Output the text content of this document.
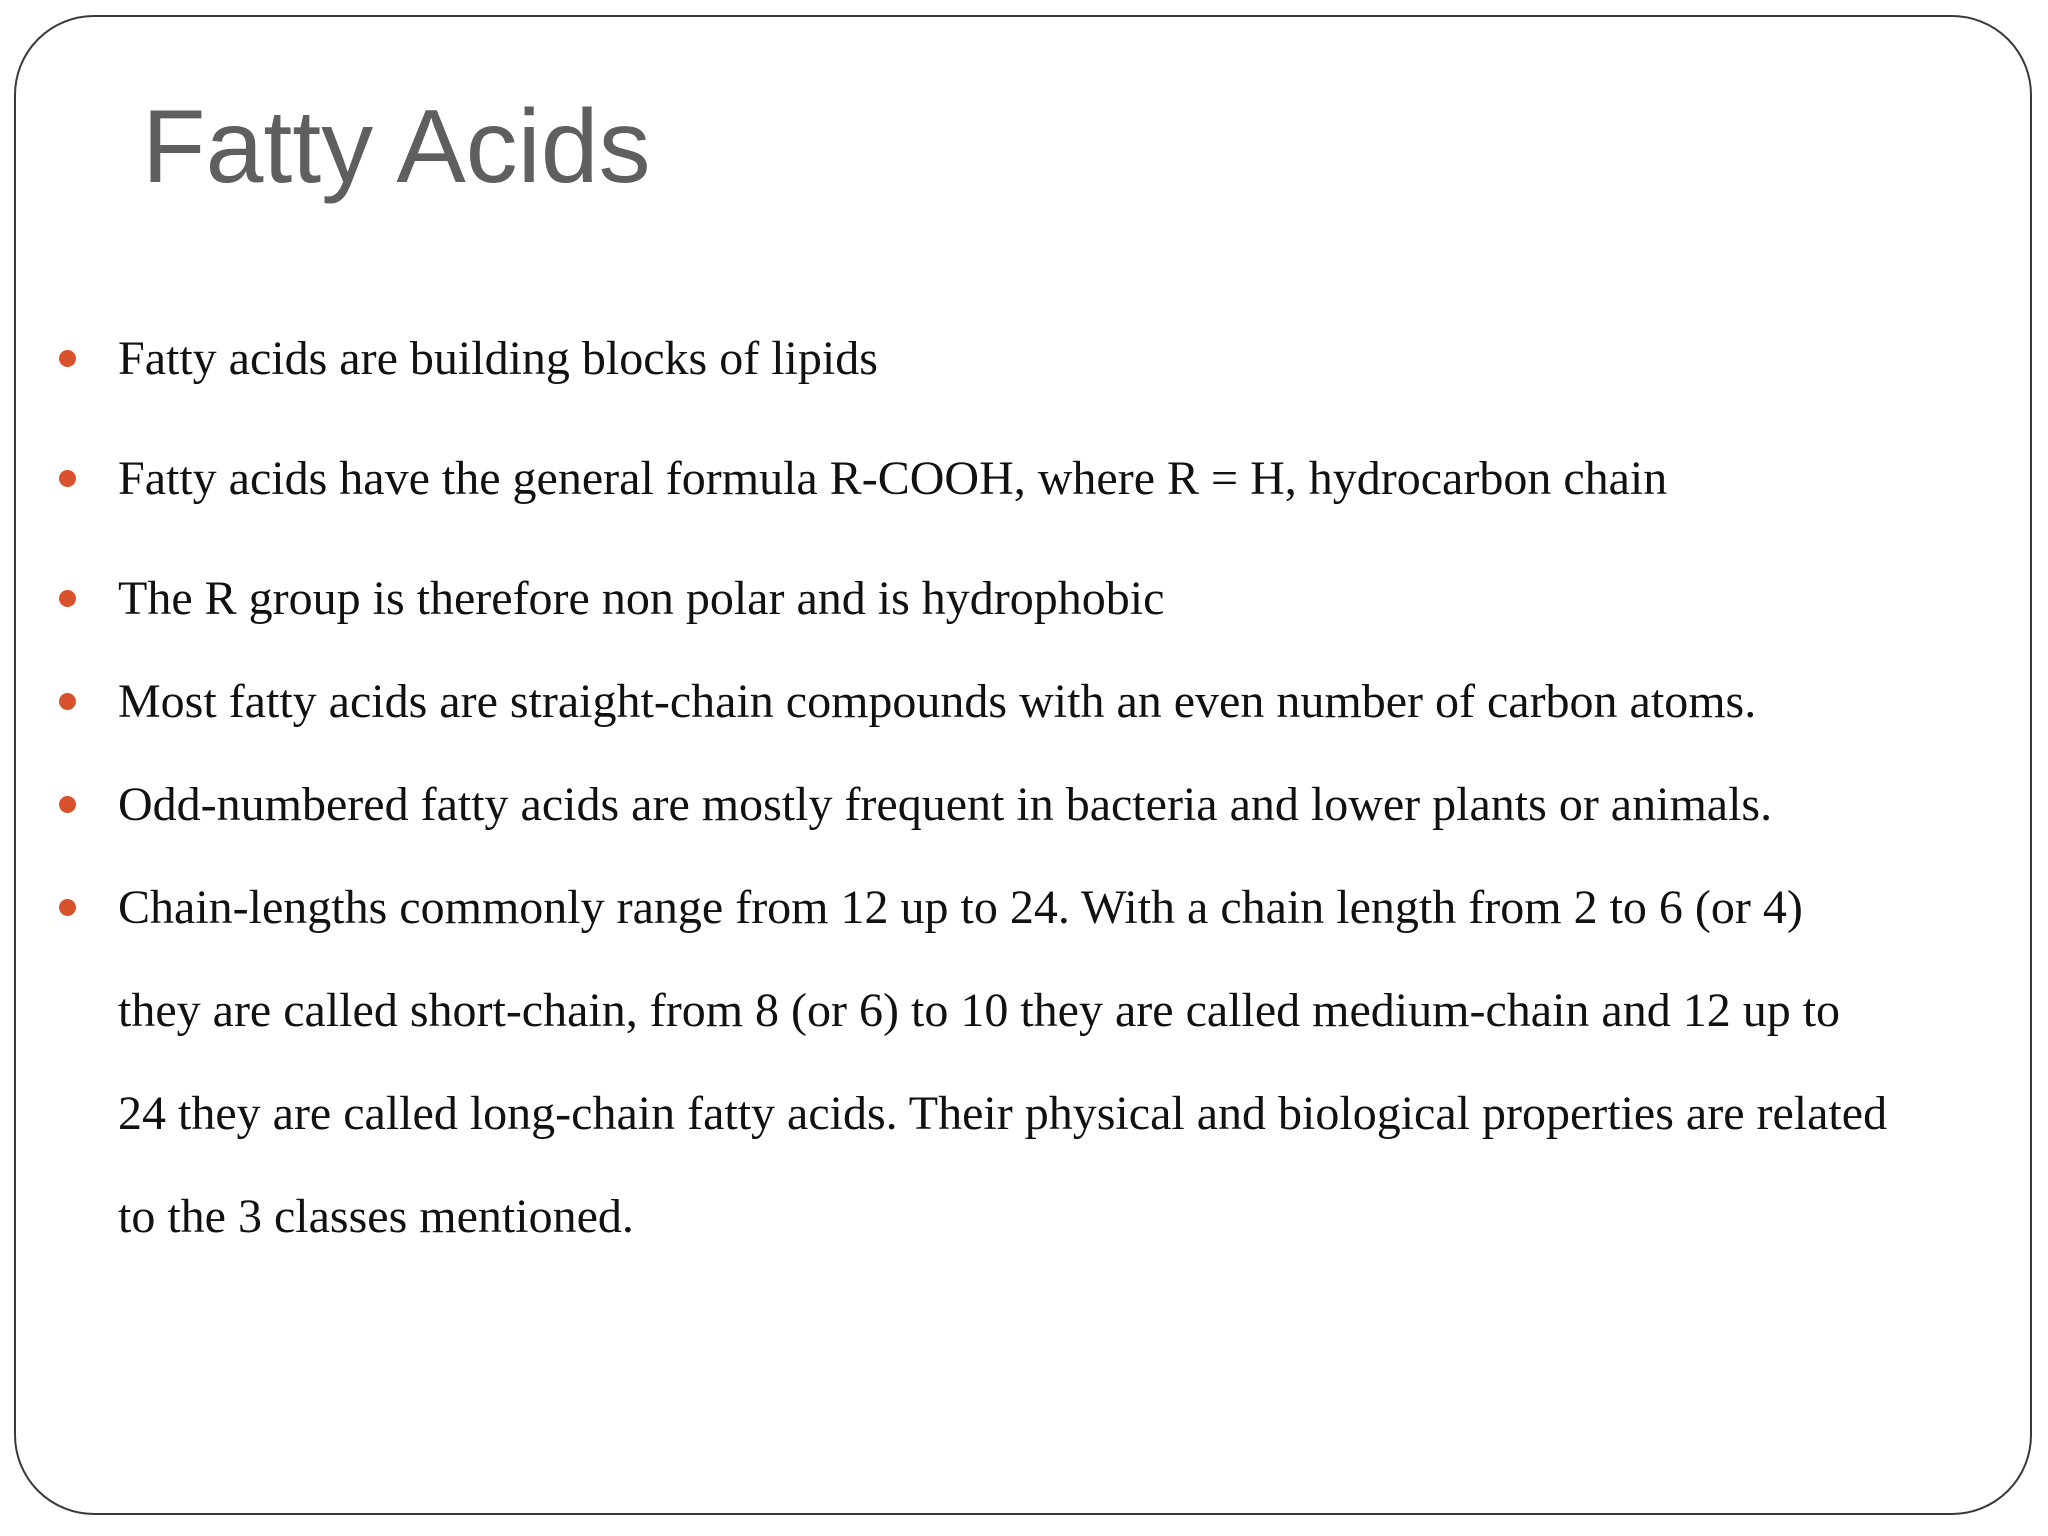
Fatty Acids
Fatty acids are building blocks of lipids
Fatty acids have the general formula R-COOH, where R = H, hydrocarbon chain
The R group is therefore non polar and is hydrophobic
Most fatty acids are straight-chain compounds with an even number of carbon atoms.
Odd-numbered fatty acids are mostly frequent in bacteria and lower plants or animals.
Chain-lengths commonly range from 12 up to 24. With a chain length from 2 to 6 (or 4)
they are called short-chain, from 8 (or 6) to 10 they are called medium-chain and 12 up to
24 they are called long-chain fatty acids. Their physical and biological properties are related
to the 3 classes mentioned.
